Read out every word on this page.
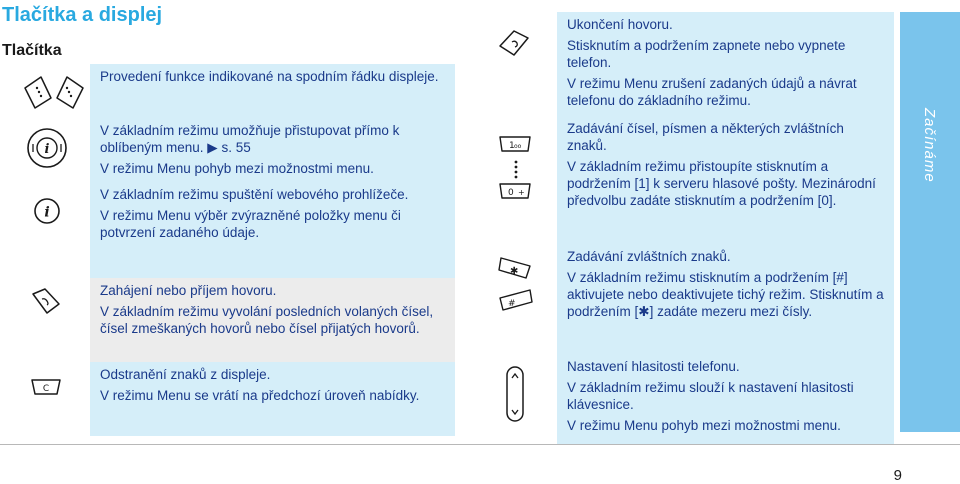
Tlačítka a displej
Tlačítka

Provedení funkce indikované na spodním řádku displeje.

i

V základním režimu umožňuje přistupovat přímo k oblíbeným menu. ▶ s. 55

V režimu Menu pohyb mezi možnostmi menu.

i

V základním režimu spuštění webového prohlížeče.

V režimu Menu výběr zvýrazněné položky menu či potvrzení zadaného údaje.

Zahájení nebo příjem hovoru.

V základním režimu vyvolání posledních volaných čísel, čísel zmeškaných hovorů nebo čísel přijatých hovorů.

C

Odstranění znaků z displeje.

V režimu Menu se vrátí na předchozí úroveň nabídky.

Ukončení hovoru.

Stisknutím a podržením zapnete nebo vypnete telefon.

V režimu Menu zrušení zadaných údajů a návrat telefonu do základního režimu.

1 oo
0 +

Zadávání čísel, písmen a některých zvláštních znaků.

V základním režimu přistoupíte stisknutím a podržením [1] k serveru hlasové pošty. Mezinárodní předvolbu zadáte stisknutím a podržením [0].

✱
#

Zadávání zvláštních znaků.

V základním režimu stisknutím a podržením [#] aktivujete nebo deaktivujete tichý režim. Stisknutím a podržením [✱] zadáte mezeru mezi čísly.

Nastavení hlasitosti telefonu.

V základním režimu slouží k nastavení hlasitosti klávesnice.

V režimu Menu pohyb mezi možnostmi menu.

Začínáme
9
